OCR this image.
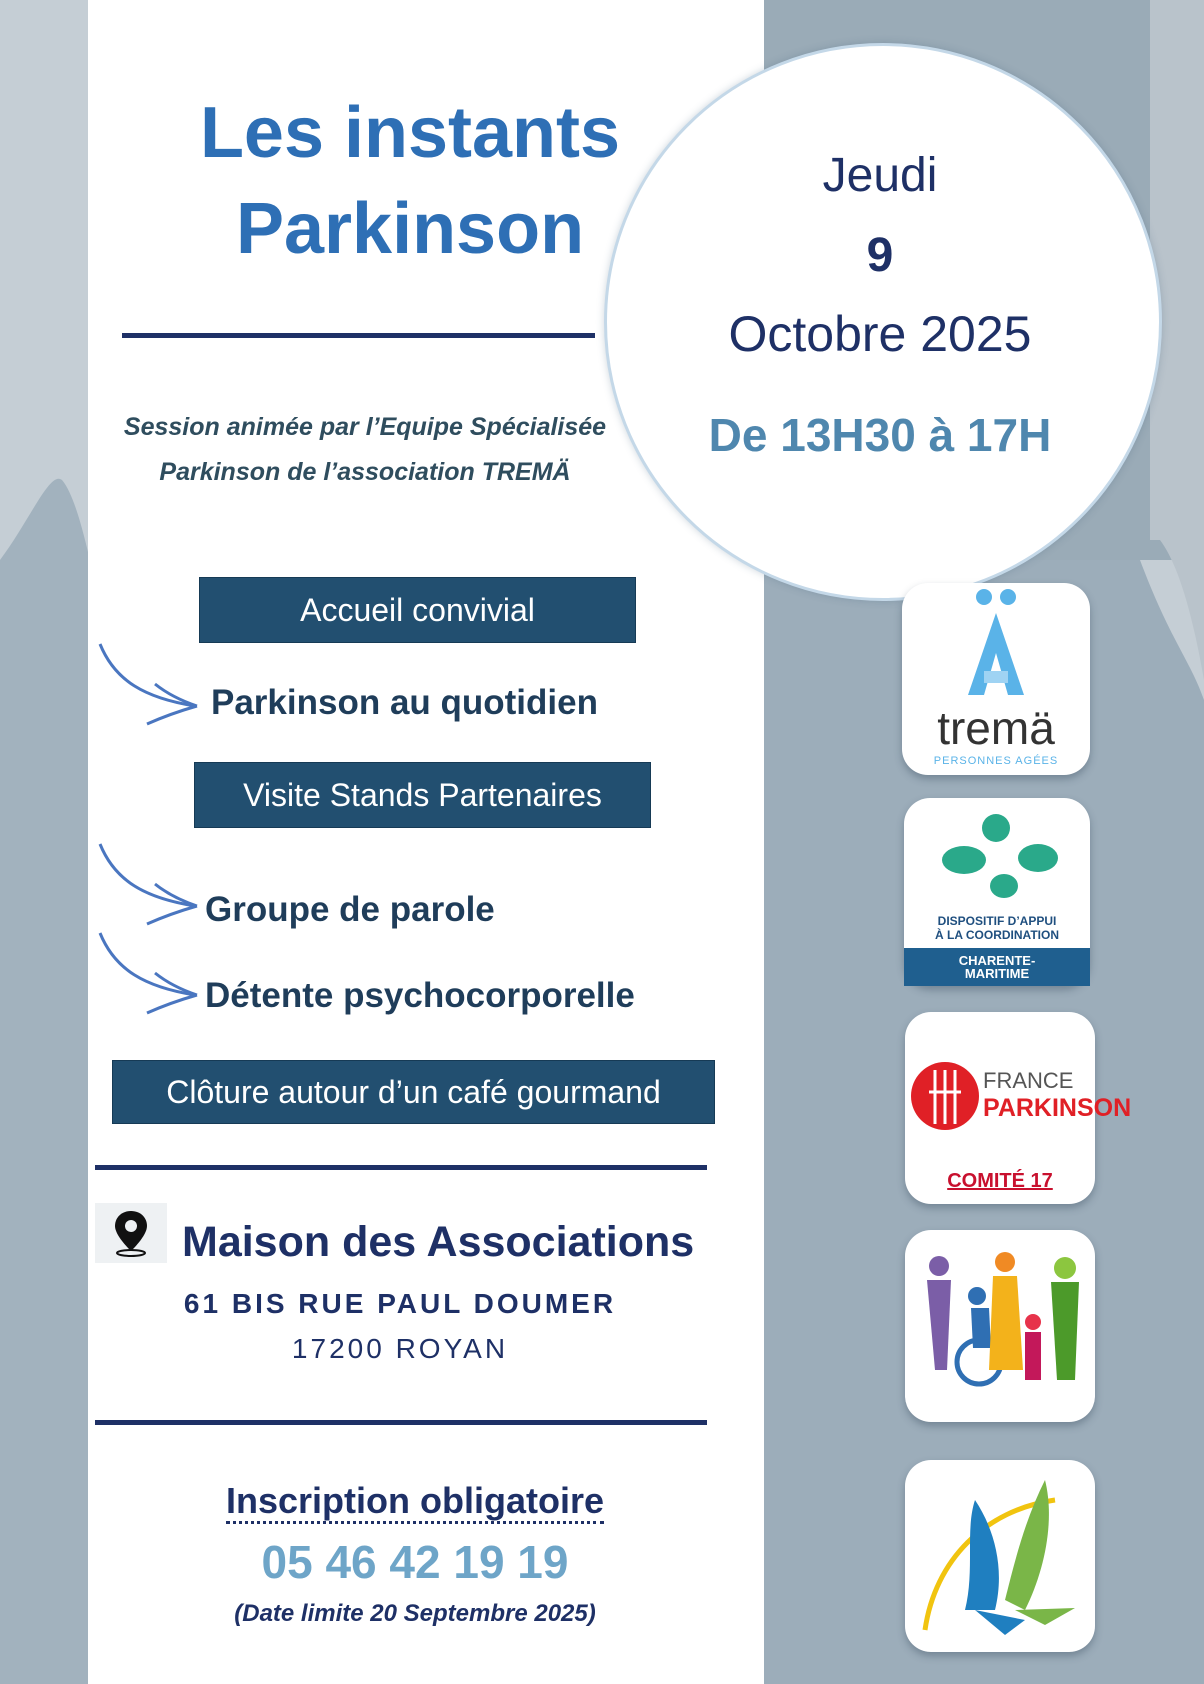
Les instants
Parkinson
Session animée par l’Equipe Spécialisée
Parkinson de l’association TREMÄ
Jeudi
9
Octobre 2025
De 13H30 à 17H
Accueil convivial
Parkinson au quotidien
Visite Stands Partenaires
Groupe de parole
Détente psychocorporelle
Clôture autour d’un café gourmand
Maison des Associations
61 BIS RUE PAUL DOUMER
17200 ROYAN
Inscription obligatoire
05 46 42 19 19
(Date limite 20 Septembre 2025)
tremä
PERSONNES AGÉES
DISPOSITIF D’APPUI
À LA COORDINATION
CHARENTE-
MARITIME
FRANCE
PARKINSON
COMITÉ 17
